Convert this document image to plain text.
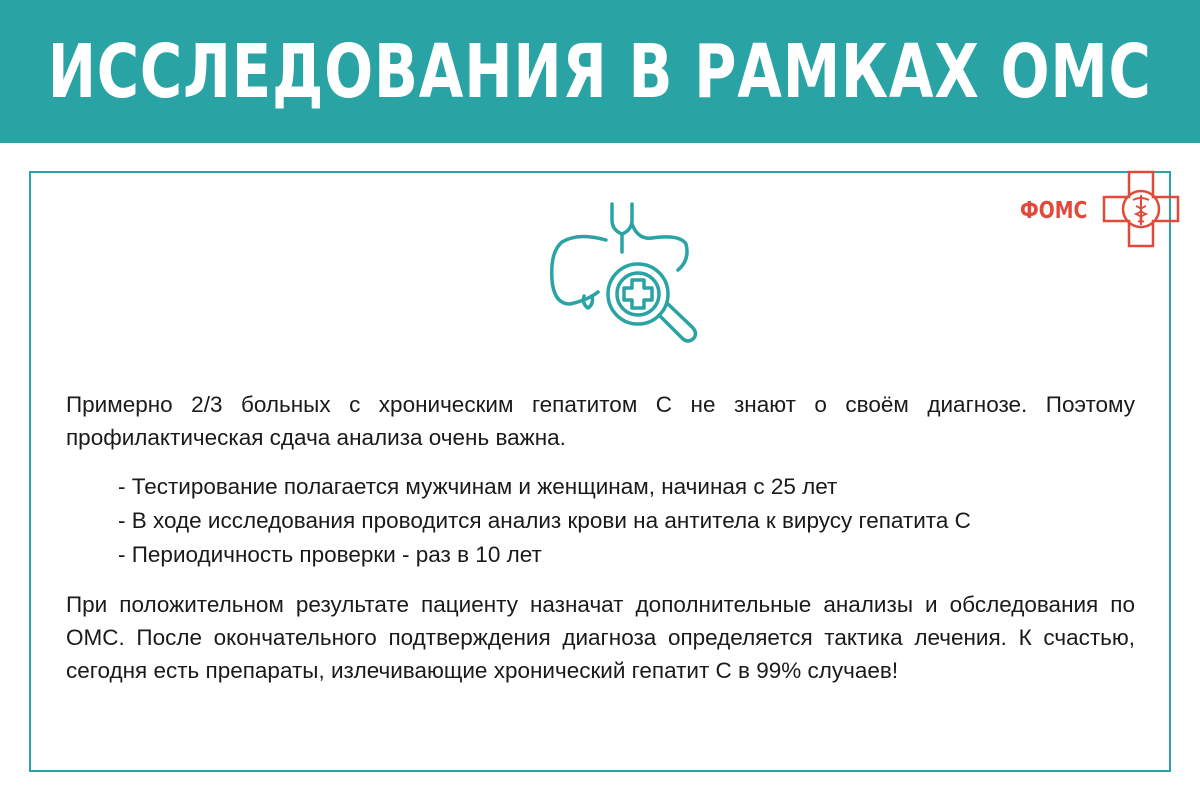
ИССЛЕДОВАНИЯ В РАМКАХ ОМС
ФОМС

Примерно 2/3 больных с хроническим гепатитом С не знают о своём диагнозе. Поэтому профилактическая сдача анализа очень важна.

- Тестирование полагается мужчинам и женщинам, начиная с 25 лет
- В ходе исследования проводится анализ крови на антитела к вирусу гепатита С
- Периодичность проверки - раз в 10 лет

При положительном результате пациенту назначат дополнительные анализы и обследования по ОМС. После окончательного подтверждения диагноза определяется тактика лечения. К счастью, сегодня есть препараты, излечивающие хронический гепатит С в 99% случаев!
